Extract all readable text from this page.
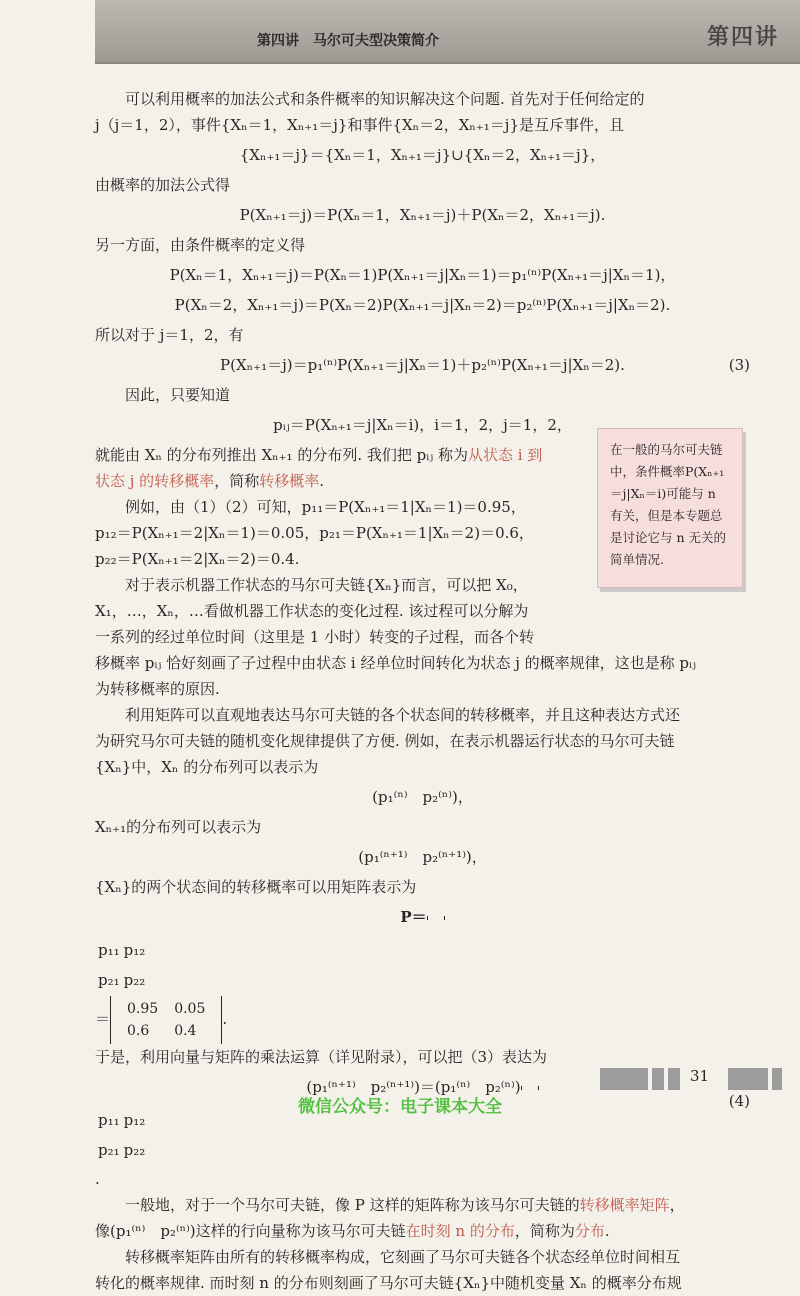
第四讲　马尔可夫型决策简介	第四讲

可以利用概率的加法公式和条件概率的知识解决这个问题. 首先对于任何给定的

j（j＝1，2），事件{Xₙ＝1，Xₙ₊₁＝j}和事件{Xₙ＝2，Xₙ₊₁＝j}是互斥事件，且

{Xₙ₊₁＝j}＝{Xₙ＝1，Xₙ₊₁＝j}∪{Xₙ＝2，Xₙ₊₁＝j}，

由概率的加法公式得

P(Xₙ₊₁＝j)＝P(Xₙ＝1，Xₙ₊₁＝j)＋P(Xₙ＝2，Xₙ₊₁＝j).

另一方面，由条件概率的定义得

P(Xₙ＝1，Xₙ₊₁＝j)＝P(Xₙ＝1)P(Xₙ₊₁＝j|Xₙ＝1)＝p₁⁽ⁿ⁾P(Xₙ₊₁＝j|Xₙ＝1)，

P(Xₙ＝2，Xₙ₊₁＝j)＝P(Xₙ＝2)P(Xₙ₊₁＝j|Xₙ＝2)＝p₂⁽ⁿ⁾P(Xₙ₊₁＝j|Xₙ＝2).

所以对于 j＝1，2，有

P(Xₙ₊₁＝j)＝p₁⁽ⁿ⁾P(Xₙ₊₁＝j|Xₙ＝1)＋p₂⁽ⁿ⁾P(Xₙ₊₁＝j|Xₙ＝2).	(3)

因此，只要知道

pᵢⱼ＝P(Xₙ₊₁＝j|Xₙ＝i)，i＝1，2，j＝1，2，

就能由 Xₙ 的分布列推出 Xₙ₊₁ 的分布列. 我们把 pᵢⱼ 称为从状态 i 到
状态 j 的转移概率，简称转移概率.

例如，由（1）（2）可知，p₁₁＝P(Xₙ₊₁＝1|Xₙ＝1)＝0.95，

p₁₂＝P(Xₙ₊₁＝2|Xₙ＝1)＝0.05，p₂₁＝P(Xₙ₊₁＝1|Xₙ＝2)＝0.6，

p₂₂＝P(Xₙ₊₁＝2|Xₙ＝2)＝0.4.

对于表示机器工作状态的马尔可夫链{Xₙ}而言，可以把 X₀，

X₁，…，Xₙ，…看做机器工作状态的变化过程. 该过程可以分解为

一系列的经过单位时间（这里是 1 小时）转变的子过程，而各个转

移概率 pᵢⱼ 恰好刻画了子过程中由状态 i 经单位时间转化为状态 j 的概率规律，这也是称 pᵢⱼ

为转移概率的原因.

利用矩阵可以直观地表达马尔可夫链的各个状态间的转移概率，并且这种表达方式还

为研究马尔可夫链的随机变化规律提供了方便. 例如，在表示机器运行状态的马尔可夫链

{Xₙ}中，Xₙ 的分布列可以表示为

(p₁⁽ⁿ⁾　p₂⁽ⁿ⁾)，

Xₙ₊₁的分布列可以表示为

(p₁⁽ⁿ⁺¹⁾　p₂⁽ⁿ⁺¹⁾)，

{Xₙ}的两个状态间的转移概率可以用矩阵表示为

P＝

p₁₁	p₁₂
p₂₁	p₂₂
＝
0.95	0.05
0.6	0.4
.

于是，利用向量与矩阵的乘法运算（详见附录），可以把（3）表达为

(p₁⁽ⁿ⁺¹⁾　p₂⁽ⁿ⁺¹⁾)＝(p₁⁽ⁿ⁾　p₂⁽ⁿ⁾)

p₁₁	p₁₂
p₂₁	p₂₂
.

(4)

一般地，对于一个马尔可夫链，像 P 这样的矩阵称为该马尔可夫链的转移概率矩阵，

像(p₁⁽ⁿ⁾　p₂⁽ⁿ⁾)这样的行向量称为该马尔可夫链在时刻 n 的分布，简称为分布.

转移概率矩阵由所有的转移概率构成，它刻画了马尔可夫链各个状态经单位时间相互

转化的概率规律. 而时刻 n 的分布则刻画了马尔可夫链{Xₙ}中随机变量 Xₙ 的概率分布规

在一般的马尔可夫链中，条件概率P(Xₙ₊₁＝j|Xₙ＝i)可能与 n 有关，但是本专题总是讨论它与 n 无关的简单情况.
31
微信公众号：电子课本大全
